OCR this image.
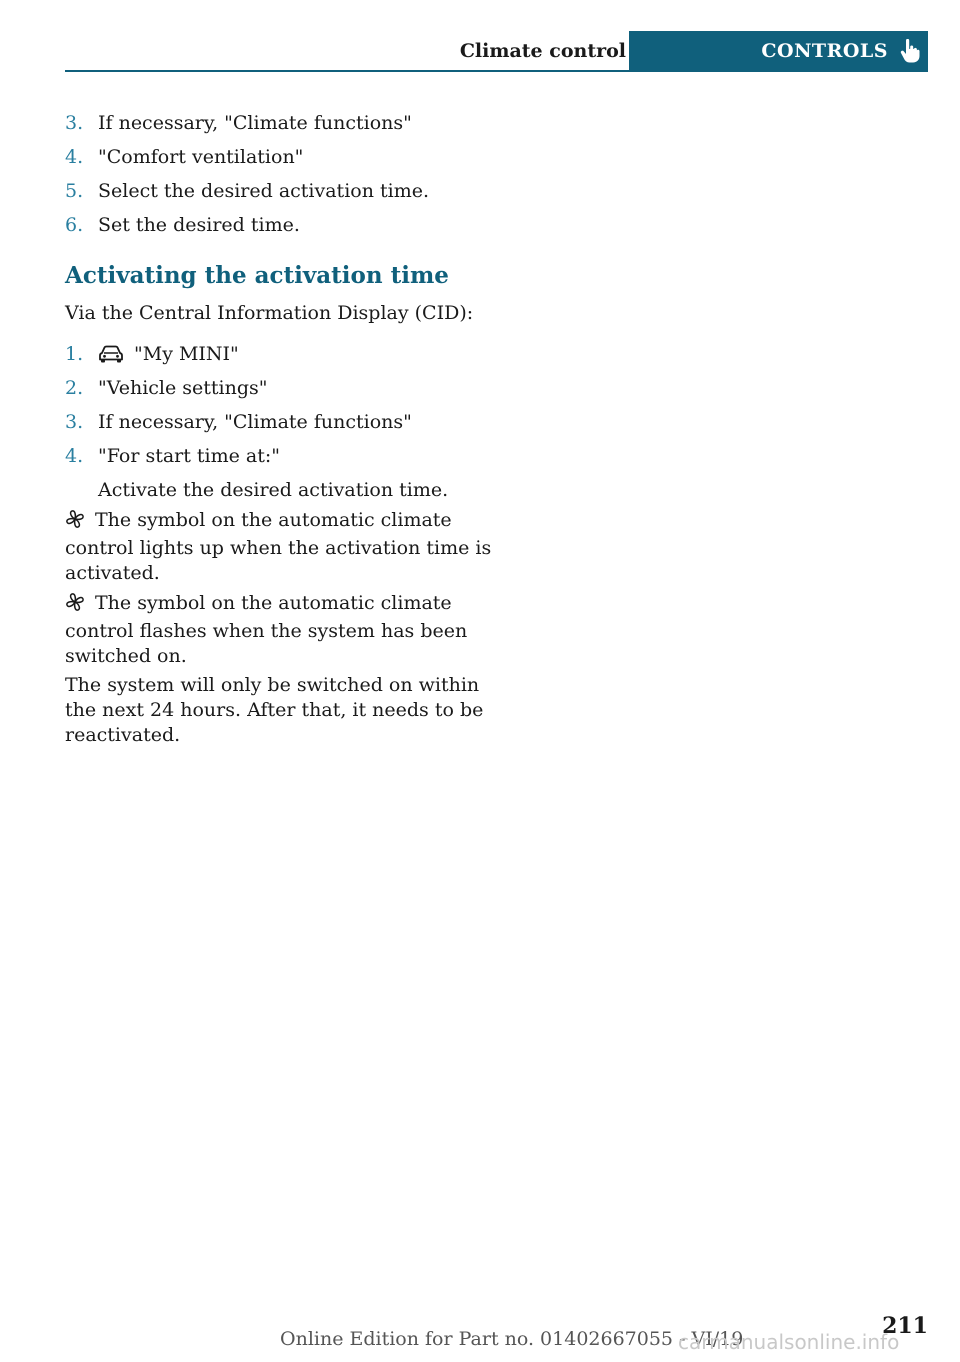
Climate control	CONTROLS
3. If necessary, "Climate functions"
4. "Comfort ventilation"
5. Select the desired activation time.
6. Set the desired time.
Activating the activation time
Via the Central Information Display (CID):
1.	"My MINI"
2. "Vehicle settings"
3. If necessary, "Climate functions"
4. "For start time at:"
Activate the desired activation time.
The symbol on the automatic climate
control lights up when the activation time is
activated.
The symbol on the automatic climate
control flashes when the system has been
switched on.
The system will only be switched on within
the next 24 hours. After that, it needs to be
reactivated.
211
Online Edition for Part no. 01402667055 - VI/19
carmanualsonline.info
